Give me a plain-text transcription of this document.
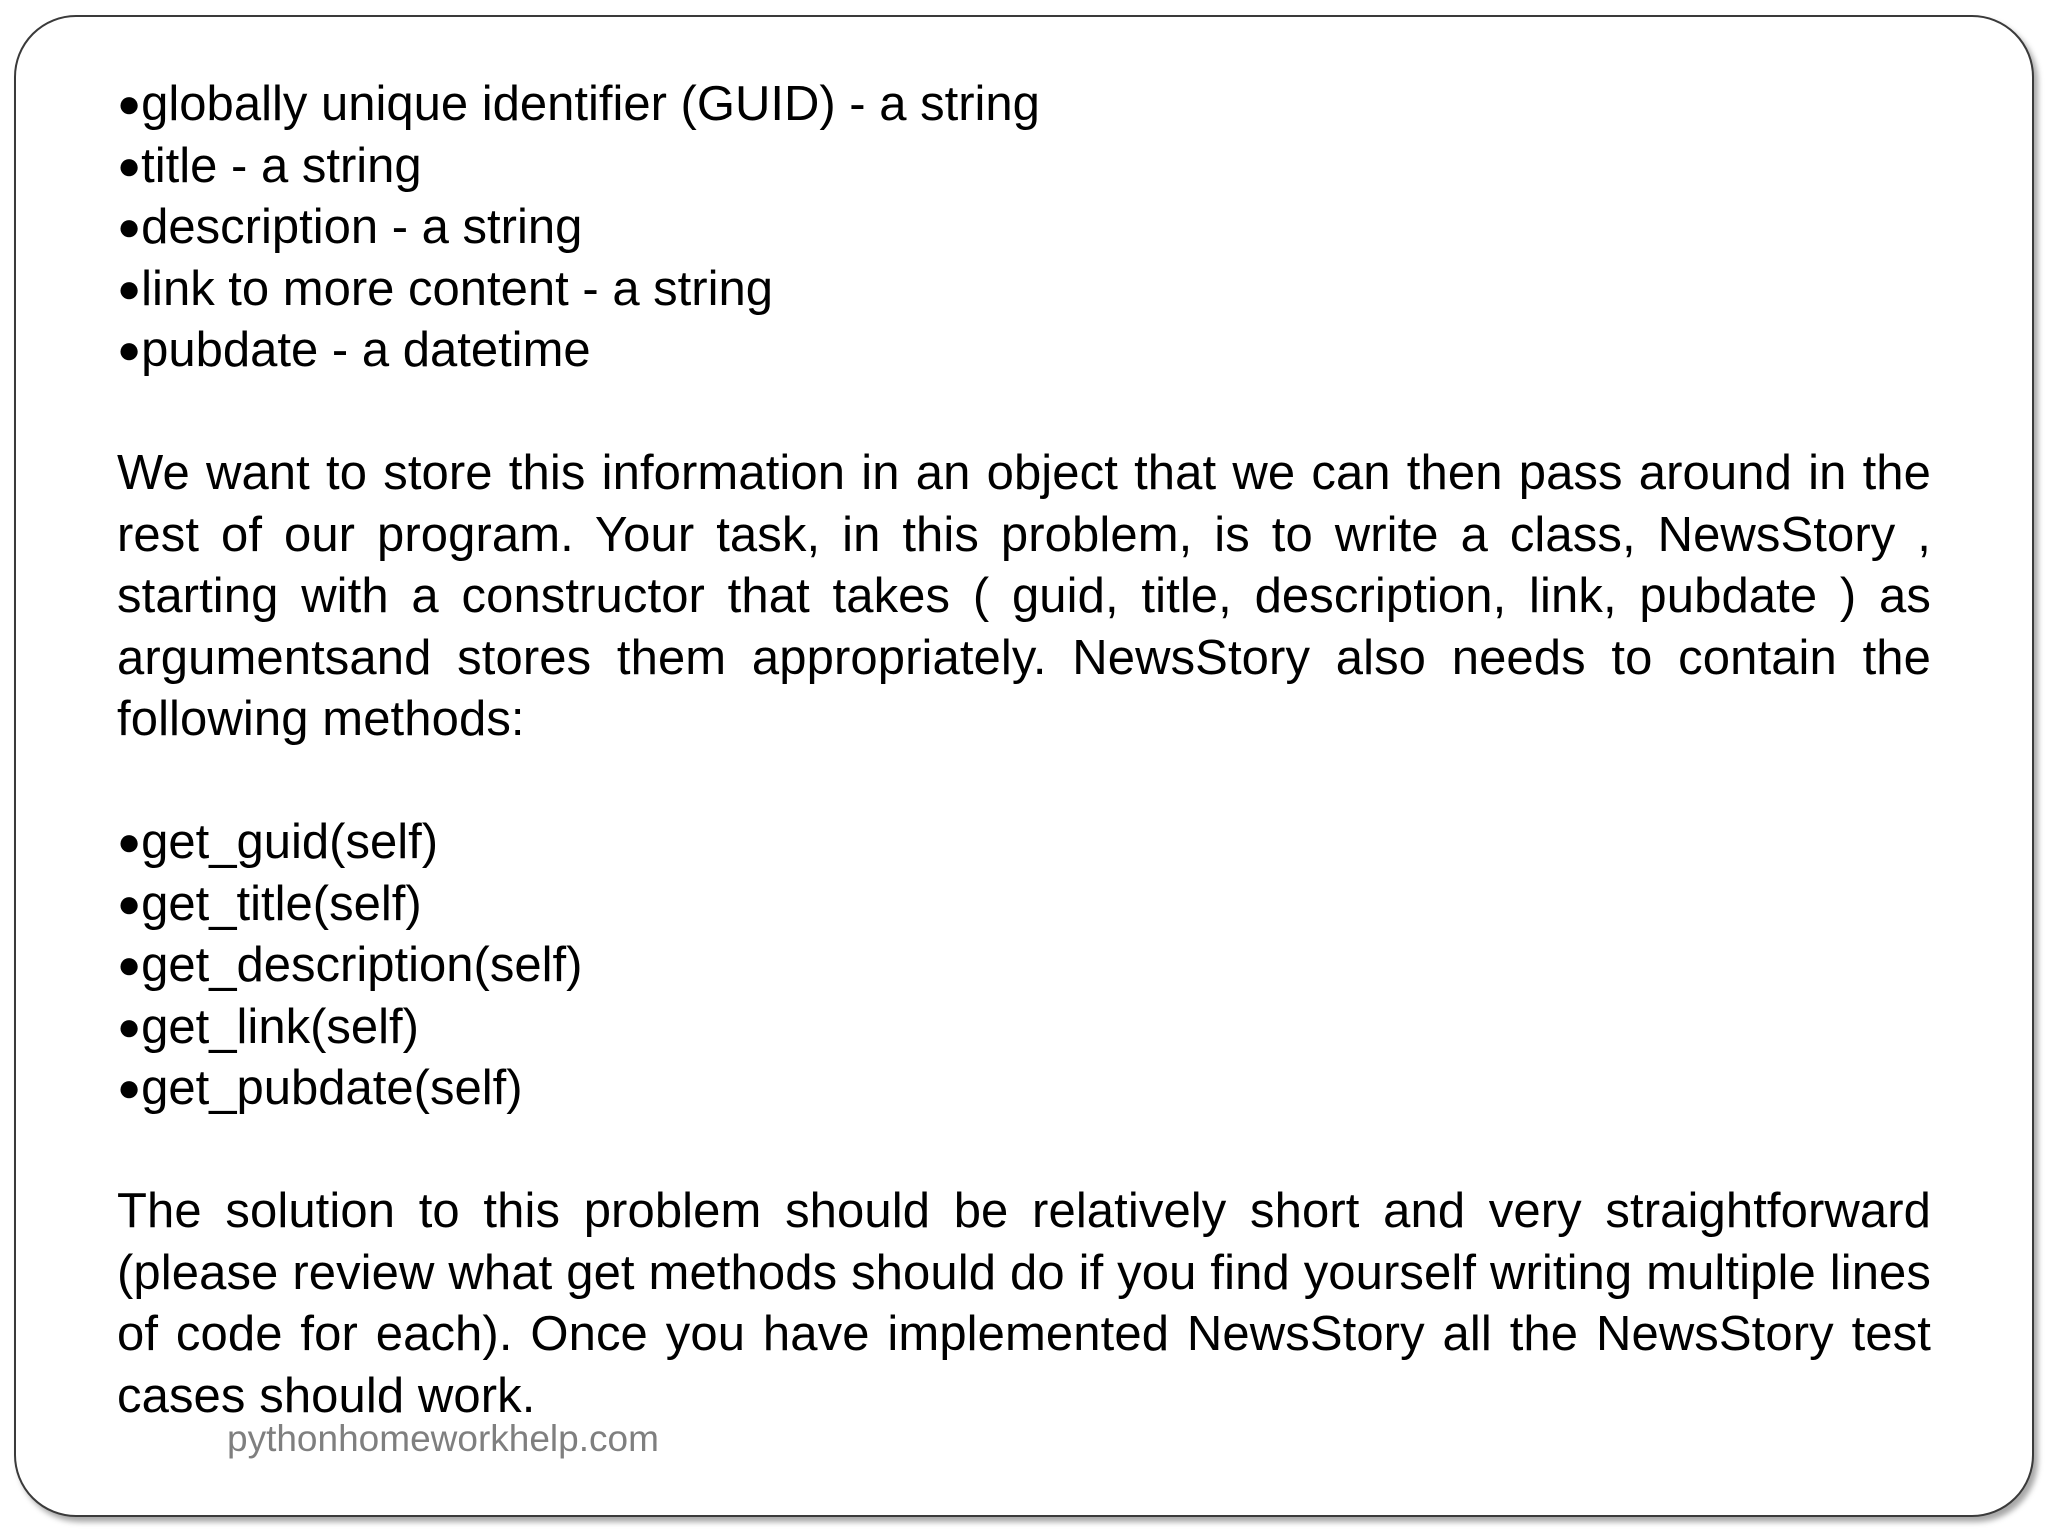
●globally unique identifier (GUID) - a string
●title - a string
●description - a string
●link to more content - a string
●pubdate - a datetime

We want to store this information in an object that we can then pass around in the rest of our program. Your task, in this problem, is to write a class, NewsStory , starting with a constructor that takes ( guid, title, description, link, pubdate ) as argumentsand stores them appropriately. NewsStory also needs to contain the following methods:

●get_guid(self)
●get_title(self)
●get_description(self)
●get_link(self)
●get_pubdate(self)

The solution to this problem should be relatively short and very straightforward (please review what get methods should do if you find yourself writing multiple lines of code for each). Once you have implemented NewsStory all the NewsStory test cases should work.

pythonhomeworkhelp.com
